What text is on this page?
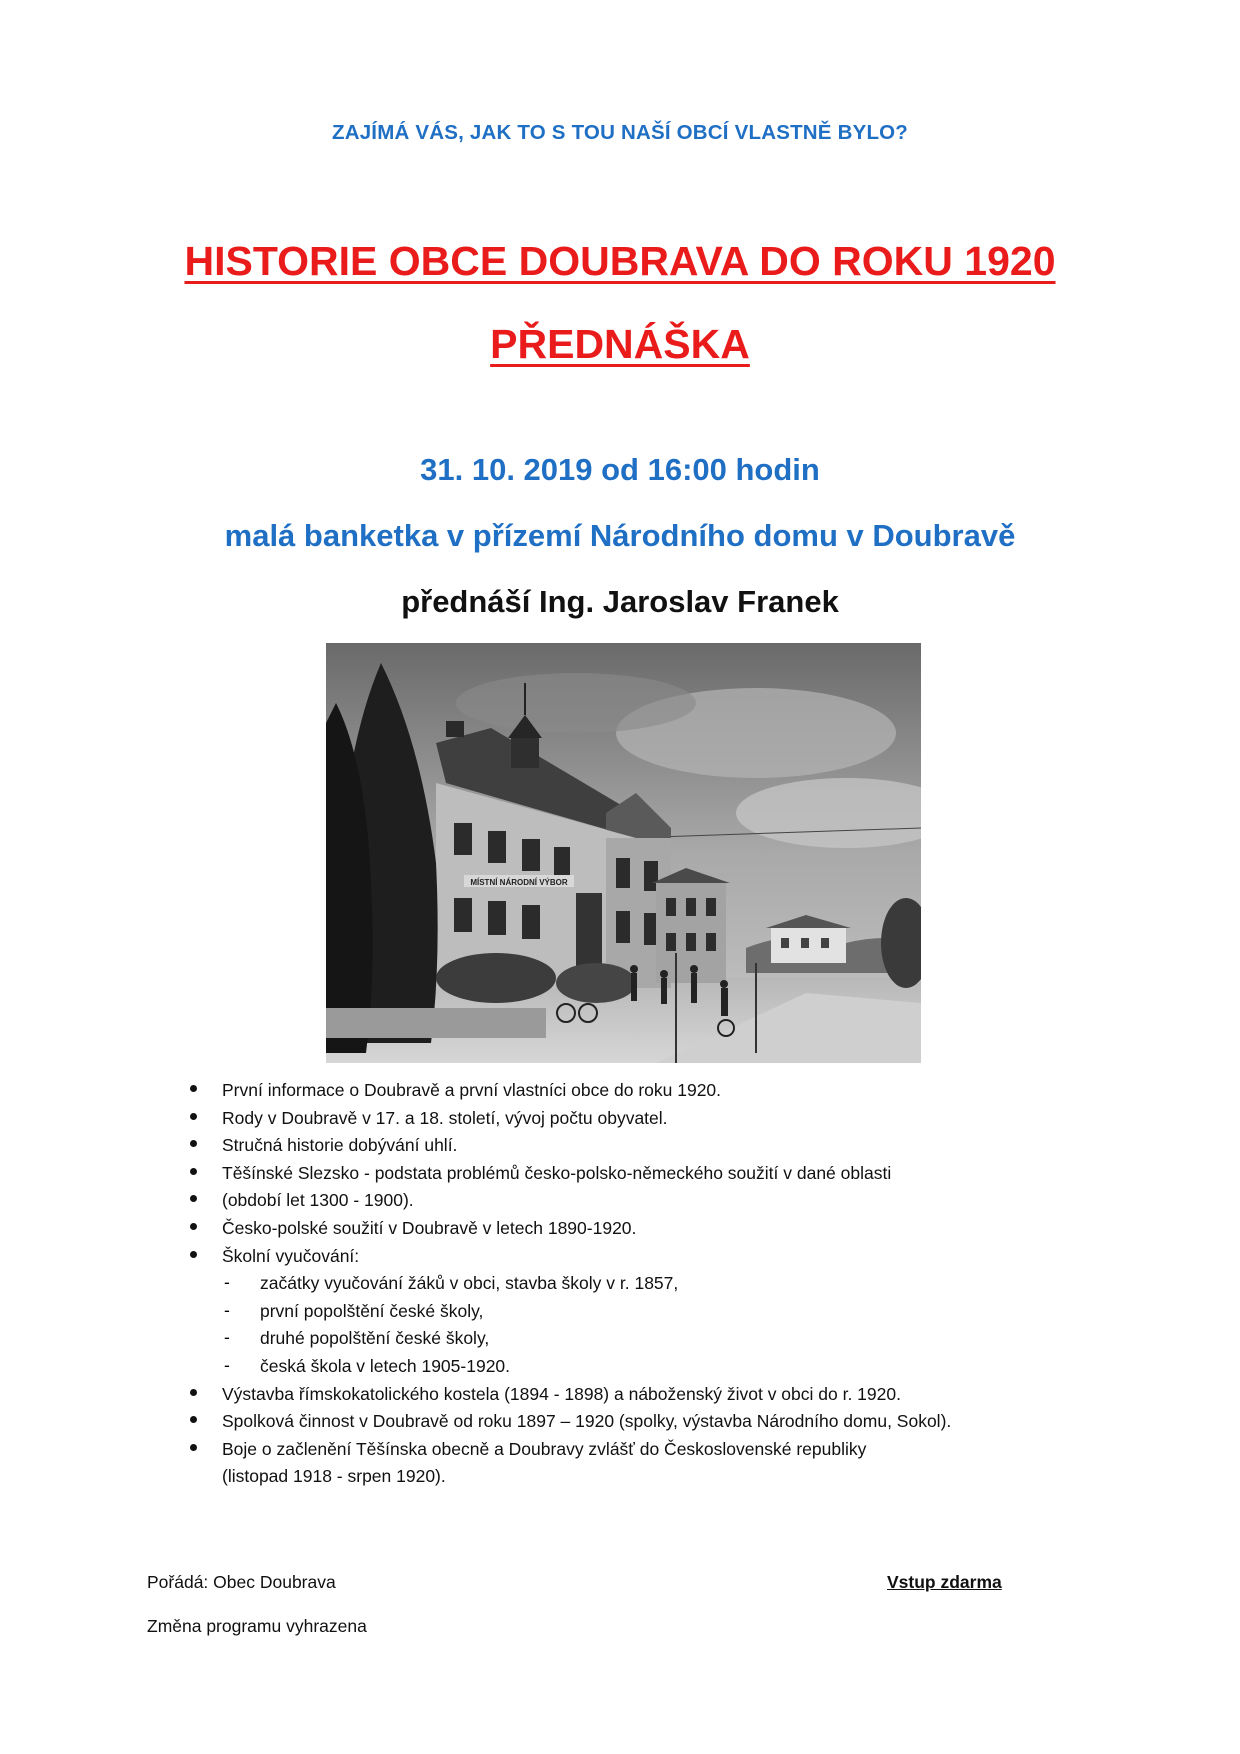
ZAJÍMÁ VÁS, JAK TO S TOU NAŠÍ OBCÍ VLASTNĚ BYLO?
HISTORIE OBCE DOUBRAVA DO ROKU 1920
PŘEDNÁŠKA
31. 10. 2019 od 16:00 hodin
malá banketka v přízemí Národního domu v Doubravě
přednáší Ing. Jaroslav Franek
MÍSTNÍ NÁRODNÍ VÝBOR
První informace o Doubravě a první vlastníci obce do roku 1920.
Rody v Doubravě v 17. a 18. století, vývoj počtu obyvatel.
Stručná historie dobývání uhlí.
Těšínské Slezsko - podstata problémů česko-polsko-německého soužití v dané oblasti
(období let 1300 - 1900).
Česko-polské soužití v Doubravě v letech 1890-1920.
Školní vyučování:
- začátky vyučování žáků v obci, stavba školy v r. 1857,
- první popolštění české školy,
- druhé popolštění české školy,
- česká škola v letech 1905-1920.
Výstavba římskokatolického kostela (1894 - 1898) a náboženský život v obci do r. 1920.
Spolková činnost v Doubravě od roku 1897 – 1920 (spolky, výstavba Národního domu, Sokol).
Boje o začlenění Těšínska obecně a Doubravy zvlášť do Československé republiky
(listopad 1918 - srpen 1920).
Pořádá: Obec Doubrava	Vstup zdarma
Změna programu vyhrazena
